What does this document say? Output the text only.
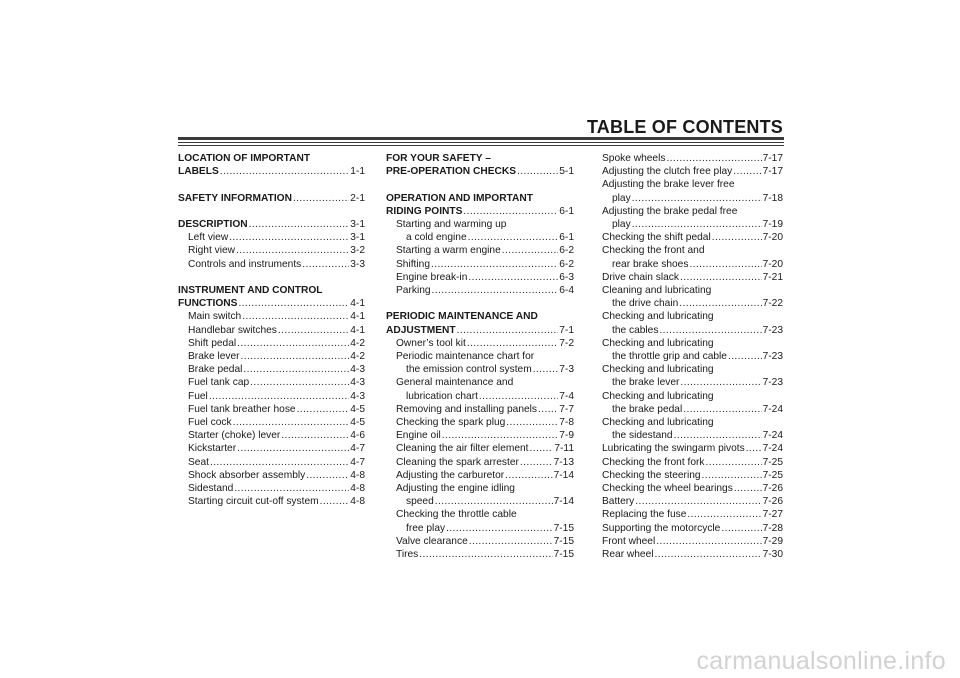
TABLE OF CONTENTS
LOCATION OF IMPORTANT
LABELS .....	1-1
SAFETY INFORMATION .....	2-1
DESCRIPTION .....	3-1
Left view .....	3-1
Right view .....	3-2
Controls and instruments .....	3-3
INSTRUMENT AND CONTROL
FUNCTIONS .....	4-1
Main switch .....	4-1
Handlebar switches .....	4-1
Shift pedal .....	4-2
Brake lever .....	4-2
Brake pedal .....	4-3
Fuel tank cap .....	4-3
Fuel .....	4-3
Fuel tank breather hose .....	4-5
Fuel cock .....	4-5
Starter (choke) lever .....	4-6
Kickstarter .....	4-7
Seat .....	4-7
Shock absorber assembly .....	4-8
Sidestand .....	4-8
Starting circuit cut-off system .....	4-8
FOR YOUR SAFETY –
PRE-OPERATION CHECKS .....	5-1
OPERATION AND IMPORTANT
RIDING POINTS .....	6-1
Starting and warming up
a cold engine .....	6-1
Starting a warm engine .....	6-2
Shifting .....	6-2
Engine break-in .....	6-3
Parking .....	6-4
PERIODIC MAINTENANCE AND
ADJUSTMENT .....	7-1
Owner’s tool kit .....	7-2
Periodic maintenance chart for
the emission control system .....	7-3
General maintenance and
lubrication chart .....	7-4
Removing and installing panels ..... 7-7
Checking the spark plug .....	7-8
Engine oil .....	7-9
Cleaning the air filter element .....	7-11
Cleaning the spark arrester .....	7-13
Adjusting the carburetor .....	7-14
Adjusting the engine idling
speed .....	7-14
Checking the throttle cable
free play .....	7-15
Valve clearance .....	7-15
Tires .....	7-15
Spoke wheels .....	7-17
Adjusting the clutch free play .....	7-17
Adjusting the brake lever free
play .....	7-18
Adjusting the brake pedal free
play .....	7-19
Checking the shift pedal .....	7-20
Checking the front and
rear brake shoes .....	7-20
Drive chain slack .....	7-21
Cleaning and lubricating
the drive chain .....	7-22
Checking and lubricating
the cables .....	7-23
Checking and lubricating
the throttle grip and cable .....	7-23
Checking and lubricating
the brake lever .....	7-23
Checking and lubricating
the brake pedal .....	7-24
Checking and lubricating
the sidestand .....	7-24
Lubricating the swingarm pivots ..... 7-24
Checking the front fork .....	7-25
Checking the steering .....	7-25
Checking the wheel bearings .....	7-26
Battery .....	7-26
Replacing the fuse .....	7-27
Supporting the motorcycle .....	7-28
Front wheel .....	7-29
Rear wheel .....	7-30
carmanualsonline.info
